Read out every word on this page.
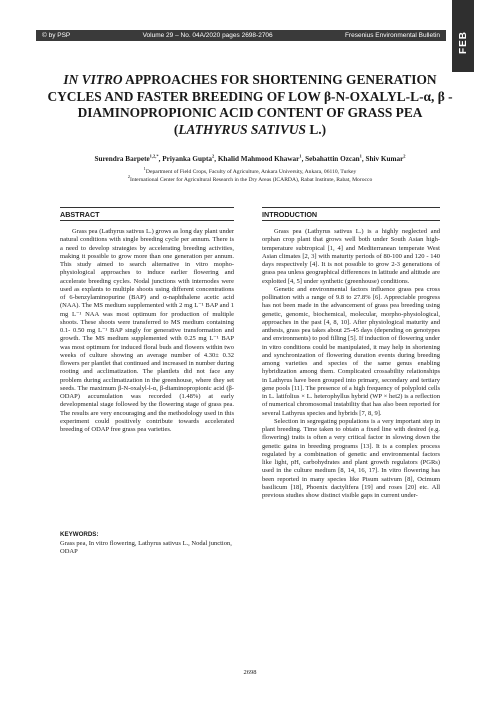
© by PSP	Volume 29 – No. 04A/2020 pages 2698-2706	Fresenius Environmental Bulletin FEB
IN VITRO APPROACHES FOR SHORTENING GENERATION CYCLES AND FASTER BREEDING OF LOW β-N-OXALYL-L-α, β -DIAMINOPROPIONIC ACID CONTENT OF GRASS PEA (LATHYRUS SATIVUS L.)
Surendra Barpete$^{1,2,*}$, Priyanka Gupta$^2$, Khalid Mahmood Khawar$^1$, Sebahattin Ozcan$^1$, Shiv Kumar$^2$
$^1$Department of Field Crops, Faculty of Agriculture, Ankara University, Ankara, 06110, Turkey
$^2$International Center for Agricultural Research in the Dry Areas (ICARDA), Rabat Institute, Rabat, Morocco
ABSTRACT	INTRODUCTION

Grass pea (Lathyrus sativus L.) grows as long day plant under natural conditions with single breeding cycle per annum. There is a need to develop strategies by accelerating breeding activities, making it possible to grow more than one generation per annum. This study aimed to search alternative in vitro mopho-physiological approaches to induce earlier flowering and accelerate breeding cycles. Nodal junctions with internodes were used as explants to multiple shoots using different concentrations of 6-benzylaminopurine (BAP) and α-naphthalene acetic acid (NAA). The MS medium supplemented with 2 mg L⁻¹ BAP and 1 mg L⁻¹ NAA was most optimum for production of multiple shoots. These shoots were transferred to MS medium containing 0.1- 0.50 mg L⁻¹ BAP singly for generative transformation and growth. The MS medium supplemented with 0.25 mg L⁻¹ BAP was most optimum for induced floral buds and flowers within two weeks of culture showing an average number of 4.30± 0.32 flowers per plantlet that continued and increased in number during rooting and acclimatization. The plantlets did not face any problem during acclimatization in the greenhouse, where they set seeds. The maximum β-N-oxalyl-l-α, β-diaminopropionic acid (β-ODAP) accumulation was recorded (1.48%) at early developmental stage followed by the flowering stage of grass pea. The results are very encouraging and the methodology used in this experiment could positively contribute towards accelerated breeding of ODAP free grass pea varieties.

KEYWORDS:
Grass pea, In vitro flowering, Lathyrus sativus L., Nodal junction, ODAP

Grass pea (Lathyrus sativus L.) is a highly neglected and orphan crop plant that grows well both under South Asian high-temperature subtropical [1, 4] and Mediterranean temperate West Asian climates [2, 3] with maturity periods of 80-100 and 120 - 140 days respectively [4]. It is not possible to grow 2-3 generations of grass pea unless geographical differences in latitude and altitude are exploited [4, 5] under synthetic (greenhouse) conditions.

Genetic and environmental factors influence grass pea cross pollination with a range of 9.8 to 27.8% [6]. Appreciable progress has not been made in the advancement of grass pea breeding using genetic, genomic, biochemical, molecular, morpho-physiological, approaches in the past [4, 8, 10]. After physiological maturity and anthesis, grass pea takes about 25-45 days (depending on genotypes and environments) to pod filling [5]. If induction of flowering under in vitro conditions could be manipulated, it may help in shortening and synchronization of flowering duration events during breeding among varieties and species of the same genus enabling hybridization among them. Complicated crossability relationships in Lathyrus have been grouped into primary, secondary and tertiary gene pools [11]. The presence of a high frequency of polyploid cells in L. latifolius × L. heterophyllus hybrid (WP × het2) is a reflection of numerical chromosomal instability that has also been reported for several Lathyrus species and hybrids [7, 8, 9].

Selection in segregating populations is a very important step in plant breeding. Time taken to obtain a fixed line with desired (e.g. flowering) traits is often a very critical factor in slowing down the genetic gains in breeding programs [13]. It is a complex process regulated by a combination of genetic and environmental factors like light, pH, carbohydrates and plant growth regulators (PGRs) used in the culture medium [8, 14, 16, 17]. In vitro flowering has been reported in many species like Pisum sativum [8], Ocimum basilicum [18], Phoenix dactylifera [19] and roses [20] etc. All previous studies show distinct visible gaps in current under-

2698
